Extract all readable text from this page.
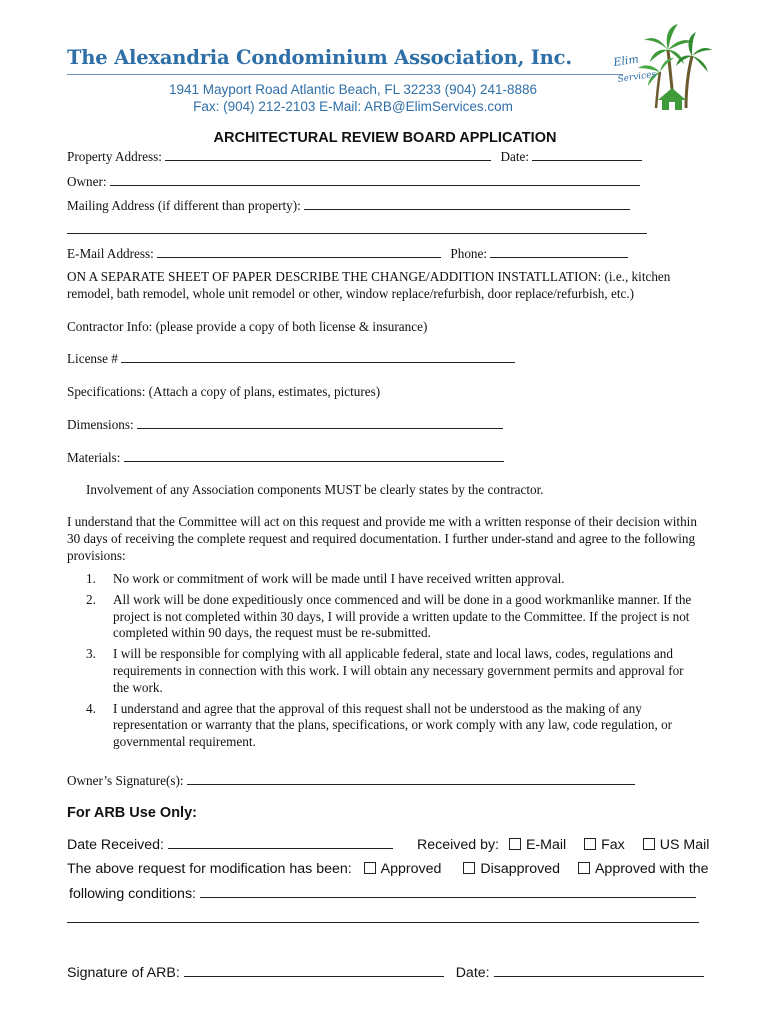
The Alexandria Condominium Association, Inc.	Elim
Services
1941 Mayport Road Atlantic Beach, FL 32233 (904) 241-8886
Fax: (904) 212-2103 E-Mail: ARB@ElimServices.com
ARCHITECTURAL REVIEW BOARD APPLICATION
Property Address:	Date:
Owner:
Mailing Address (if different than property):
E-Mail Address:	Phone:
ON A SEPARATE SHEET OF PAPER DESCRIBE THE CHANGE/ADDITION INSTATLLATION: (i.e., kitchen remodel, bath remodel, whole unit remodel or other, window replace/refurbish, door replace/refurbish, etc.)
Contractor Info: (please provide a copy of both license & insurance)
License #
Specifications: (Attach a copy of plans, estimates, pictures)
Dimensions:
Materials:
Involvement of any Association components MUST be clearly states by the contractor.
I understand that the Committee will act on this request and provide me with a written response of their decision within 30 days of receiving the complete request and required documentation. I further under-stand and agree to the following provisions:
1. No work or commitment of work will be made until I have received written approval.
2. All work will be done expeditiously once commenced and will be done in a good workmanlike manner. If the project is not completed within 30 days, I will provide a written update to the Committee. If the project is not completed within 90 days, the request must be re-submitted.
3. I will be responsible for complying with all applicable federal, state and local laws, codes, regulations and requirements in connection with this work. I will obtain any necessary government permits and approval for the work.
4. I understand and agree that the approval of this request shall not be understood as the making of any representation or warranty that the plans, specifications, or work comply with any law, code regulation, or governmental requirement.
Owner’s Signature(s):
For ARB Use Only:
Date Received:	Received by: E-Mail Fax US Mail
The above request for modification has been: Approved	Disapproved Approved with the
following conditions:
Signature of ARB:	Date:
